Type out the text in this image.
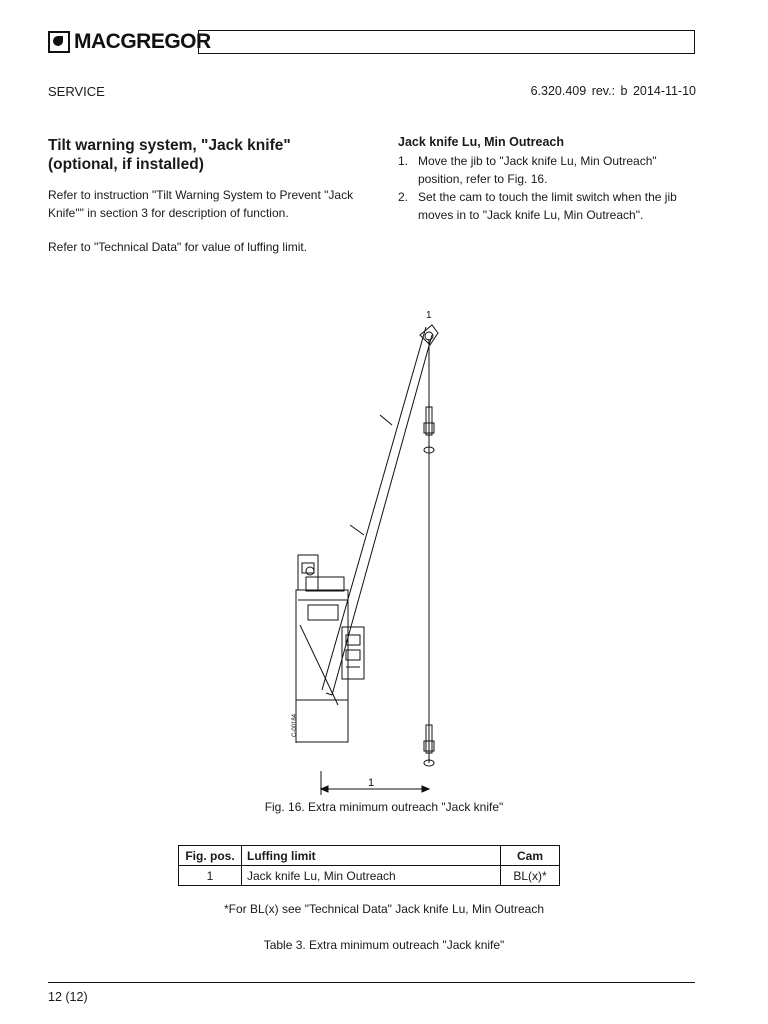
MACGREGOR
SERVICE	6.320.409 rev.: b 2014-11-10
Tilt warning system, "Jack knife"
(optional, if installed)
Refer to instruction "Tilt Warning System to Prevent "Jack Knife"" in section 3 for description of function.
Refer to "Technical Data" for value of luffing limit.
Jack knife Lu, Min Outreach
1. Move the jib to "Jack knife Lu, Min Outreach" position, refer to Fig. 16.
2. Set the cam to touch the limit switch when the jib moves in to "Jack knife Lu, Min Outreach".
1
1
C-00184
Fig. 16. Extra minimum outreach "Jack knife"
Fig. pos.	Luffing limit	Cam
1	Jack knife Lu, Min Outreach	BL(x)*
*For BL(x) see "Technical Data" Jack knife Lu, Min Outreach
Table 3. Extra minimum outreach "Jack knife"
12 (12)
